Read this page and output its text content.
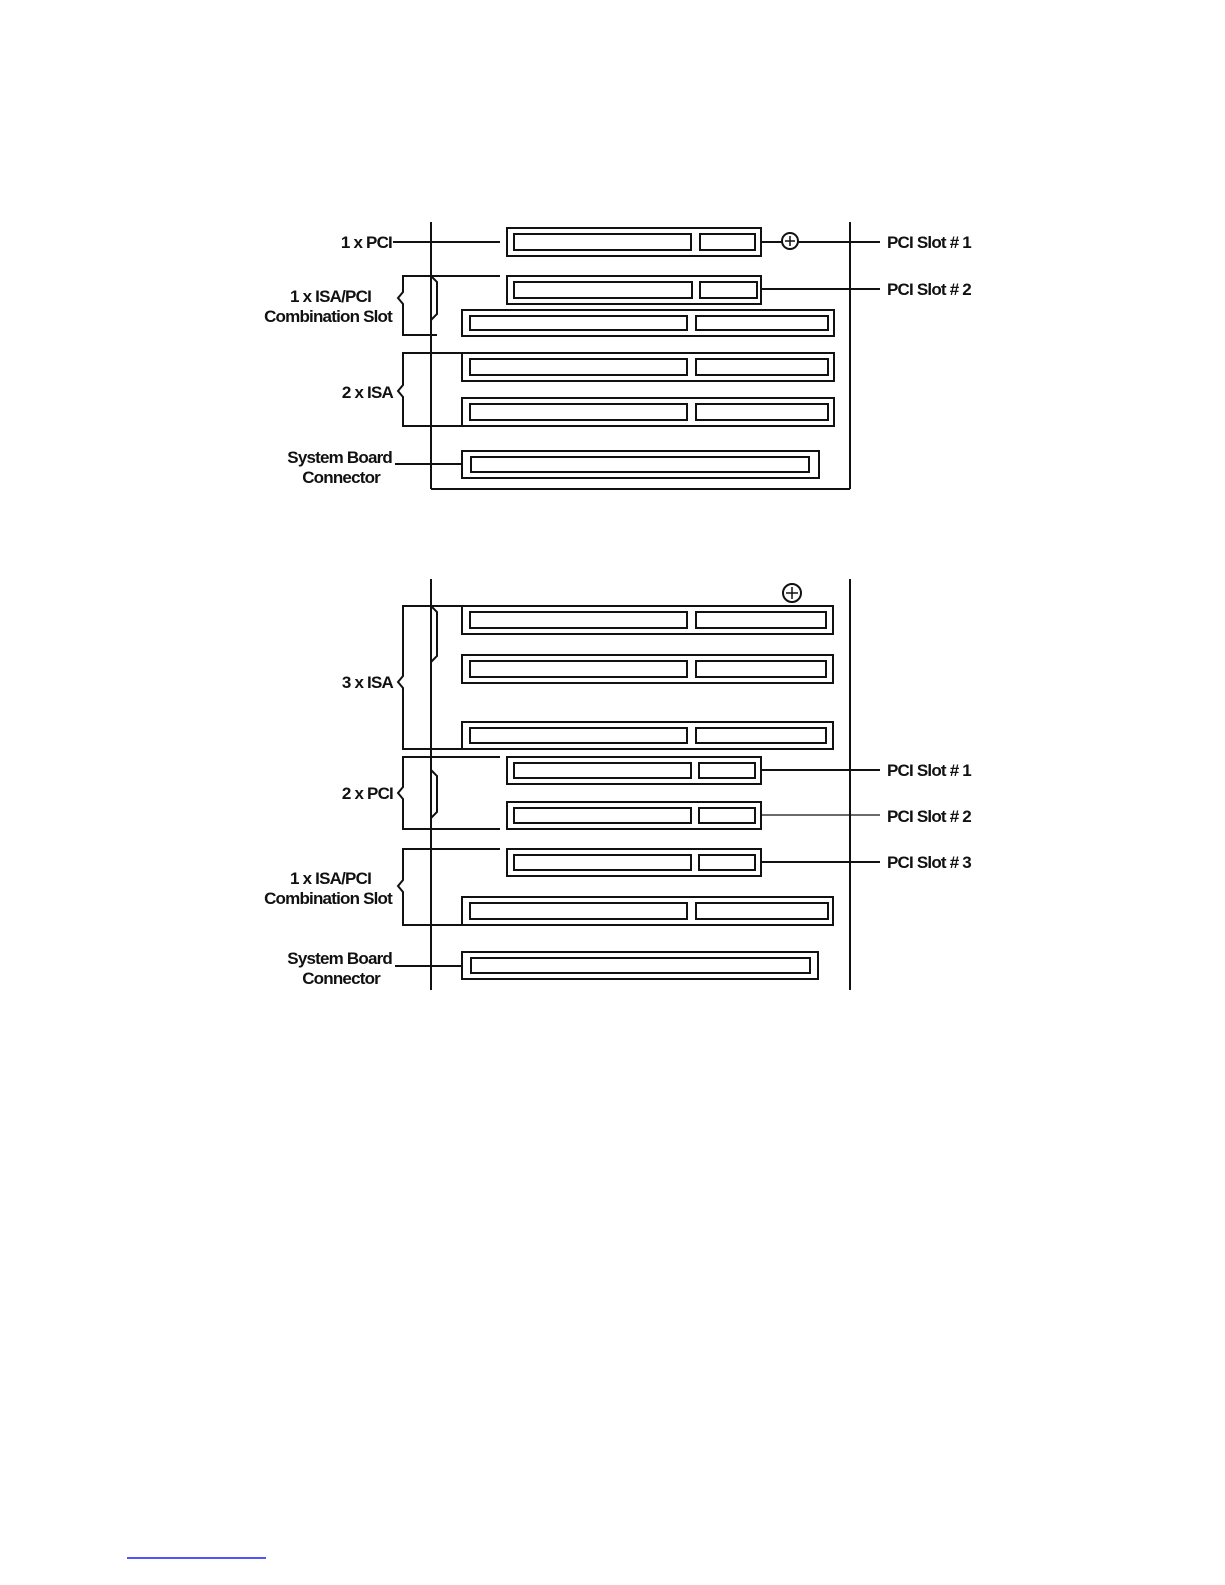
1 x PCI
1 x ISA/PCI
Combination Slot
2 x ISA
System Board
Connector
PCI Slot # 1
PCI Slot # 2
3 x ISA
2 x PCI
1 x ISA/PCI
Combination Slot
System Board
Connector
PCI Slot # 1
PCI Slot # 2
PCI Slot # 3
